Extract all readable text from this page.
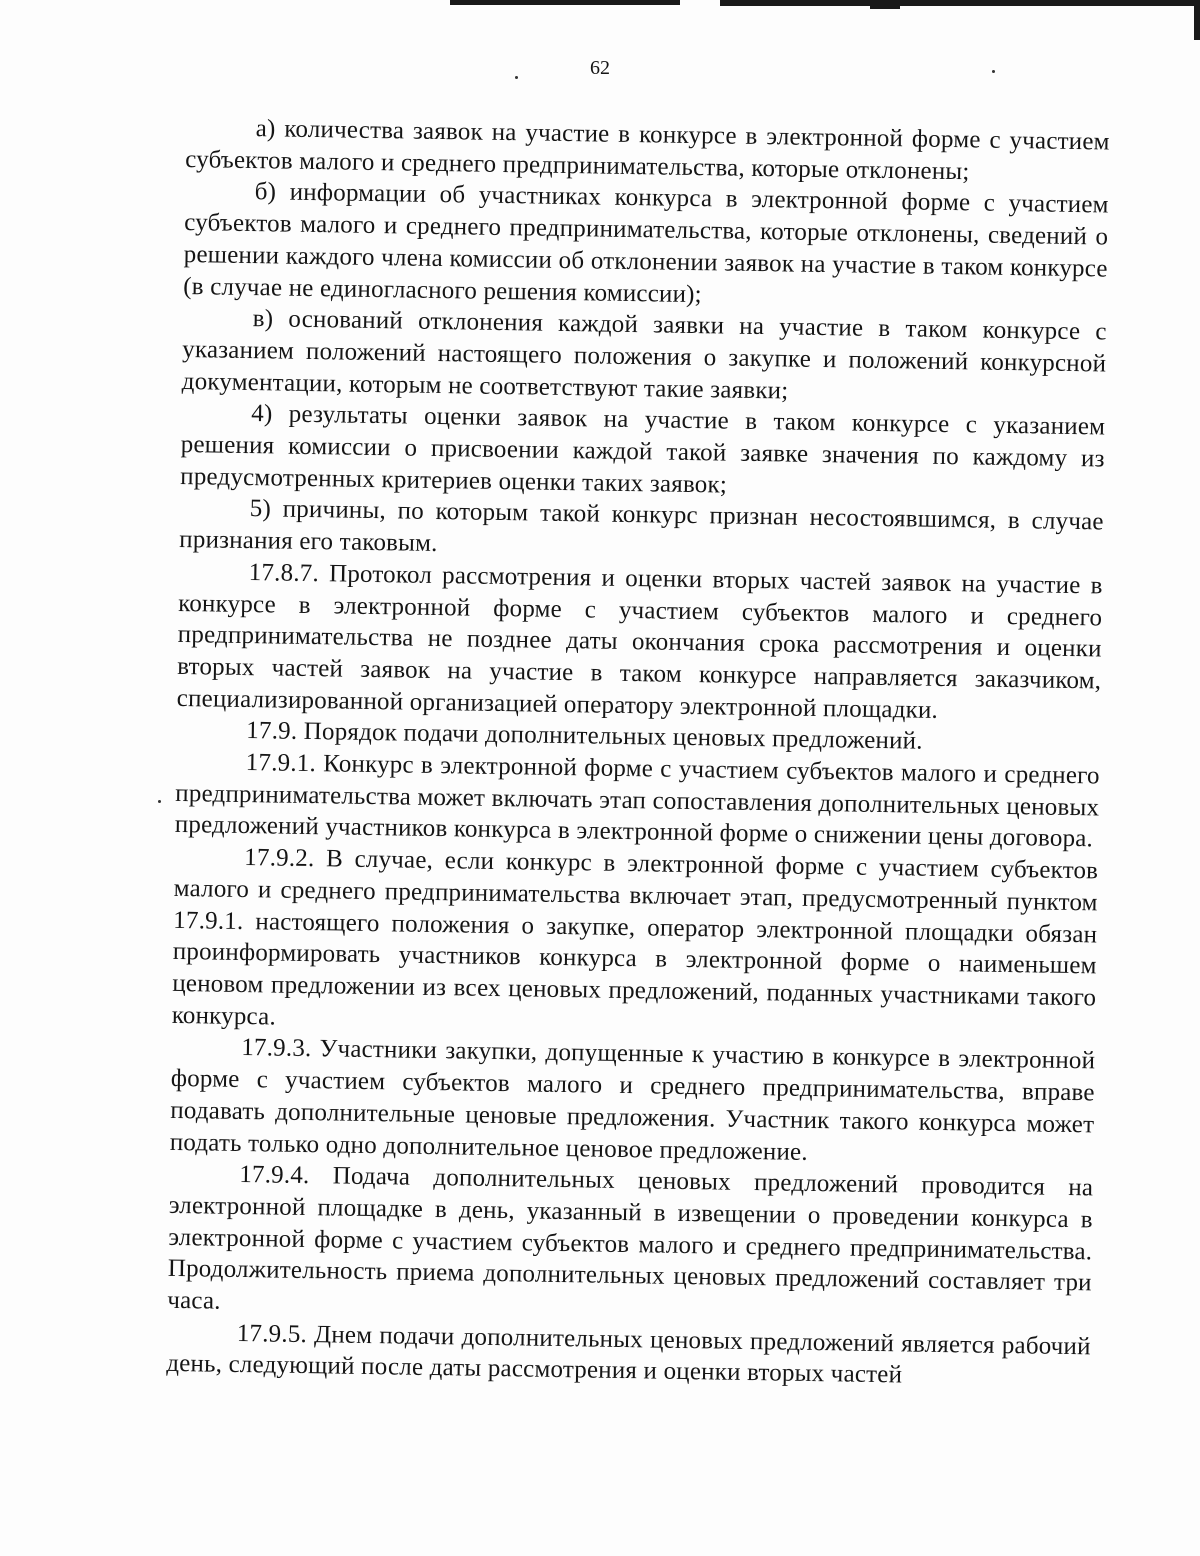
62

а) количества заявок на участие в конкурсе в электронной форме с участием субъектов малого и среднего предпринимательства, которые отклонены;

б) информации об участниках конкурса в электронной форме с участием субъектов малого и среднего предпринимательства, которые отклонены, сведений о решении каждого члена комиссии об отклонении заявок на участие в таком конкурсе (в случае не единогласного решения комиссии);

в) оснований отклонения каждой заявки на участие в таком конкурсе с указанием положений настоящего положения о закупке и положений конкурсной документации, которым не соответствуют такие заявки;

4) результаты оценки заявок на участие в таком конкурсе с указанием решения комиссии о присвоении каждой такой заявке значения по каждому из предусмотренных критериев оценки таких заявок;

5) причины, по которым такой конкурс признан несостоявшимся, в случае признания его таковым.

17.8.7. Протокол рассмотрения и оценки вторых частей заявок на участие в конкурсе в электронной форме с участием субъектов малого и среднего предпринимательства не позднее даты окончания срока рассмотрения и оценки вторых частей заявок на участие в таком конкурсе направляется заказчиком, специализированной организацией оператору электронной площадки.

17.9. Порядок подачи дополнительных ценовых предложений.

17.9.1. Конкурс в электронной форме с участием субъектов малого и среднего предпринимательства может включать этап сопоставления дополнительных ценовых предложений участников конкурса в электронной форме о снижении цены договора.

17.9.2. В случае, если конкурс в электронной форме с участием субъектов малого и среднего предпринимательства включает этап, предусмотренный пунктом 17.9.1. настоящего положения о закупке, оператор электронной площадки обязан проинформировать участников конкурса в электронной форме о наименьшем ценовом предложении из всех ценовых предложений, поданных участниками такого конкурса.

17.9.3. Участники закупки, допущенные к участию в конкурсе в электронной форме с участием субъектов малого и среднего предпринимательства, вправе подавать дополнительные ценовые предложения. Участник такого конкурса может подать только одно дополнительное ценовое предложение.

17.9.4. Подача дополнительных ценовых предложений проводится на электронной площадке в день, указанный в извещении о проведении конкурса в электронной форме с участием субъектов малого и среднего предпринимательства. Продолжительность приема дополнительных ценовых предложений составляет три часа.

17.9.5. Днем подачи дополнительных ценовых предложений является рабочий день, следующий после даты рассмотрения и оценки вторых частей
